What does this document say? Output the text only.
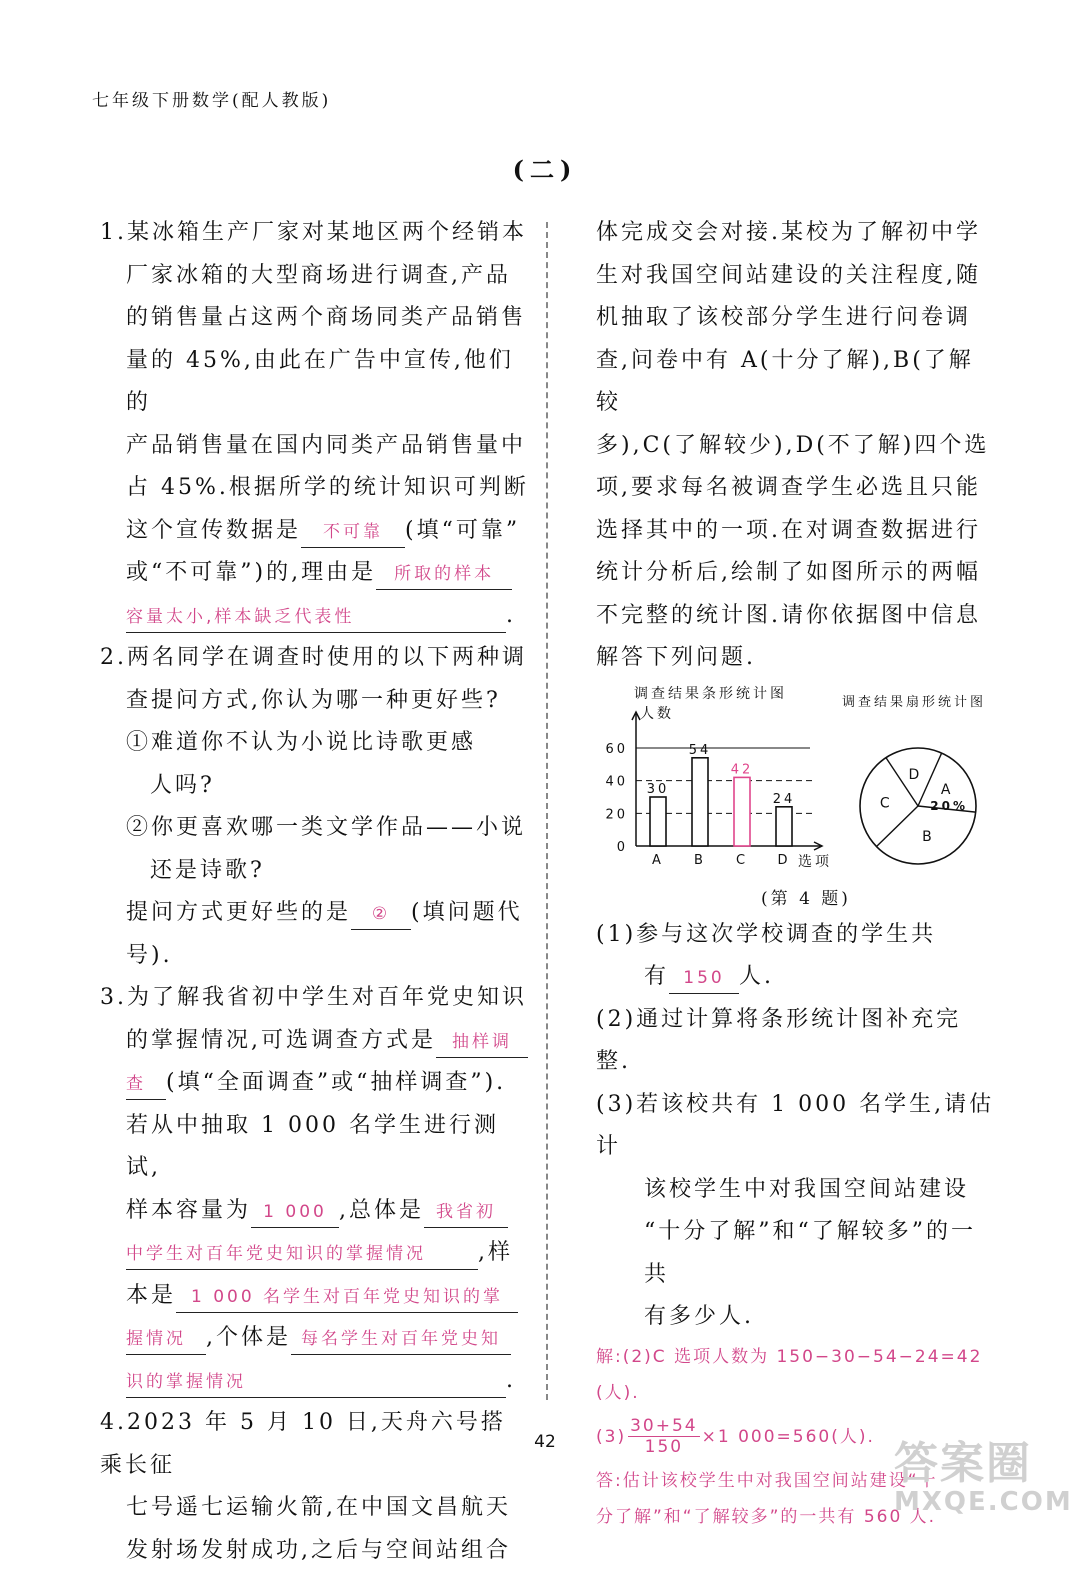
七年级下册数学(配人教版)
(二)
1.某冰箱生产厂家对某地区两个经销本
厂家冰箱的大型商场进行调查,产品
的销售量占这两个商场同类产品销售
量的 45%,由此在广告中宣传,他们的
产品销售量在国内同类产品销售量中
占 45%.根据所学的统计知识可判断
这个宣传数据是 不可靠 (填“可靠”
或“不可靠”)的,理由是 所取的样本
容量太小,样本缺乏代表性	.
2.两名同学在调查时使用的以下两种调
查提问方式,你认为哪一种更好些?
①难道你不认为小说比诗歌更感
人吗?
②你更喜欢哪一类文学作品——小说
还是诗歌?
提问方式更好些的是 ② (填问题代
号).
3.为了解我省初中学生对百年党史知识
的掌握情况,可选调查方式是 抽样调
查 (填“全面调查”或“抽样调查”).
若从中抽取 1 000 名学生进行测试,
样本容量为 1 000 ,总体是 我省初
中学生对百年党史知识的掌握情况 ,样
本是 1 000 名学生对百年党史知识的掌
握情况 ,个体是 每名学生对百年党史知
识的掌握情况	.
4.2023 年 5 月 10 日,天舟六号搭乘长征
七号遥七运输火箭,在中国文昌航天
发射场发射成功,之后与空间站组合
体完成交会对接.某校为了解初中学
生对我国空间站建设的关注程度,随
机抽取了该校部分学生进行问卷调
查,问卷中有 A(十分了解),B(了解较
多),C(了解较少),D(不了解)四个选
项,要求每名被调查学生必选且只能
选择其中的一项.在对调查数据进行
统计分析后,绘制了如图所示的两幅
不完整的统计图.请你依据图中信息
解答下列问题.
调查结果条形统计图
人数
选项
0
20
40
60
30
A
54
B
42
C
24
D
调查结果扇形统计图
A
20%
B
C
D
(第 4 题)
(1)参与这次学校调查的学生共
有 150 人.
(2)通过计算将条形统计图补充完整.
(3)若该校共有 1 000 名学生,请估计
该校学生中对我国空间站建设
“十分了解”和“了解较多”的一共
有多少人.
解:(2)C 选项人数为 150−30−54−24=42
(人).
$(3) \frac{30+54}{150} \times 1$ 000=560(人).
答:估计该校学生中对我国空间站建设“十
分了解”和“了解较多”的一共有 560 人.
42	答案圈
MXQE.COM
